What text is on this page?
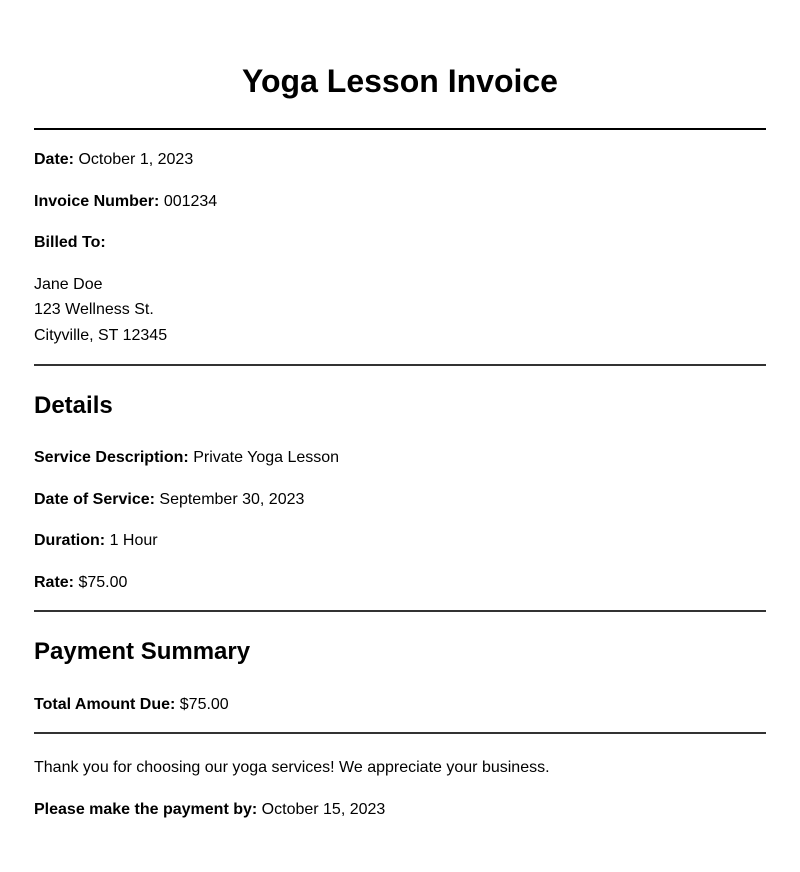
Yoga Lesson Invoice
Date: October 1, 2023
Invoice Number: 001234
Billed To:
Jane Doe
123 Wellness St.
Cityville, ST 12345
Details
Service Description: Private Yoga Lesson
Date of Service: September 30, 2023
Duration: 1 Hour
Rate: $75.00
Payment Summary
Total Amount Due: $75.00
Thank you for choosing our yoga services! We appreciate your business.
Please make the payment by: October 15, 2023
